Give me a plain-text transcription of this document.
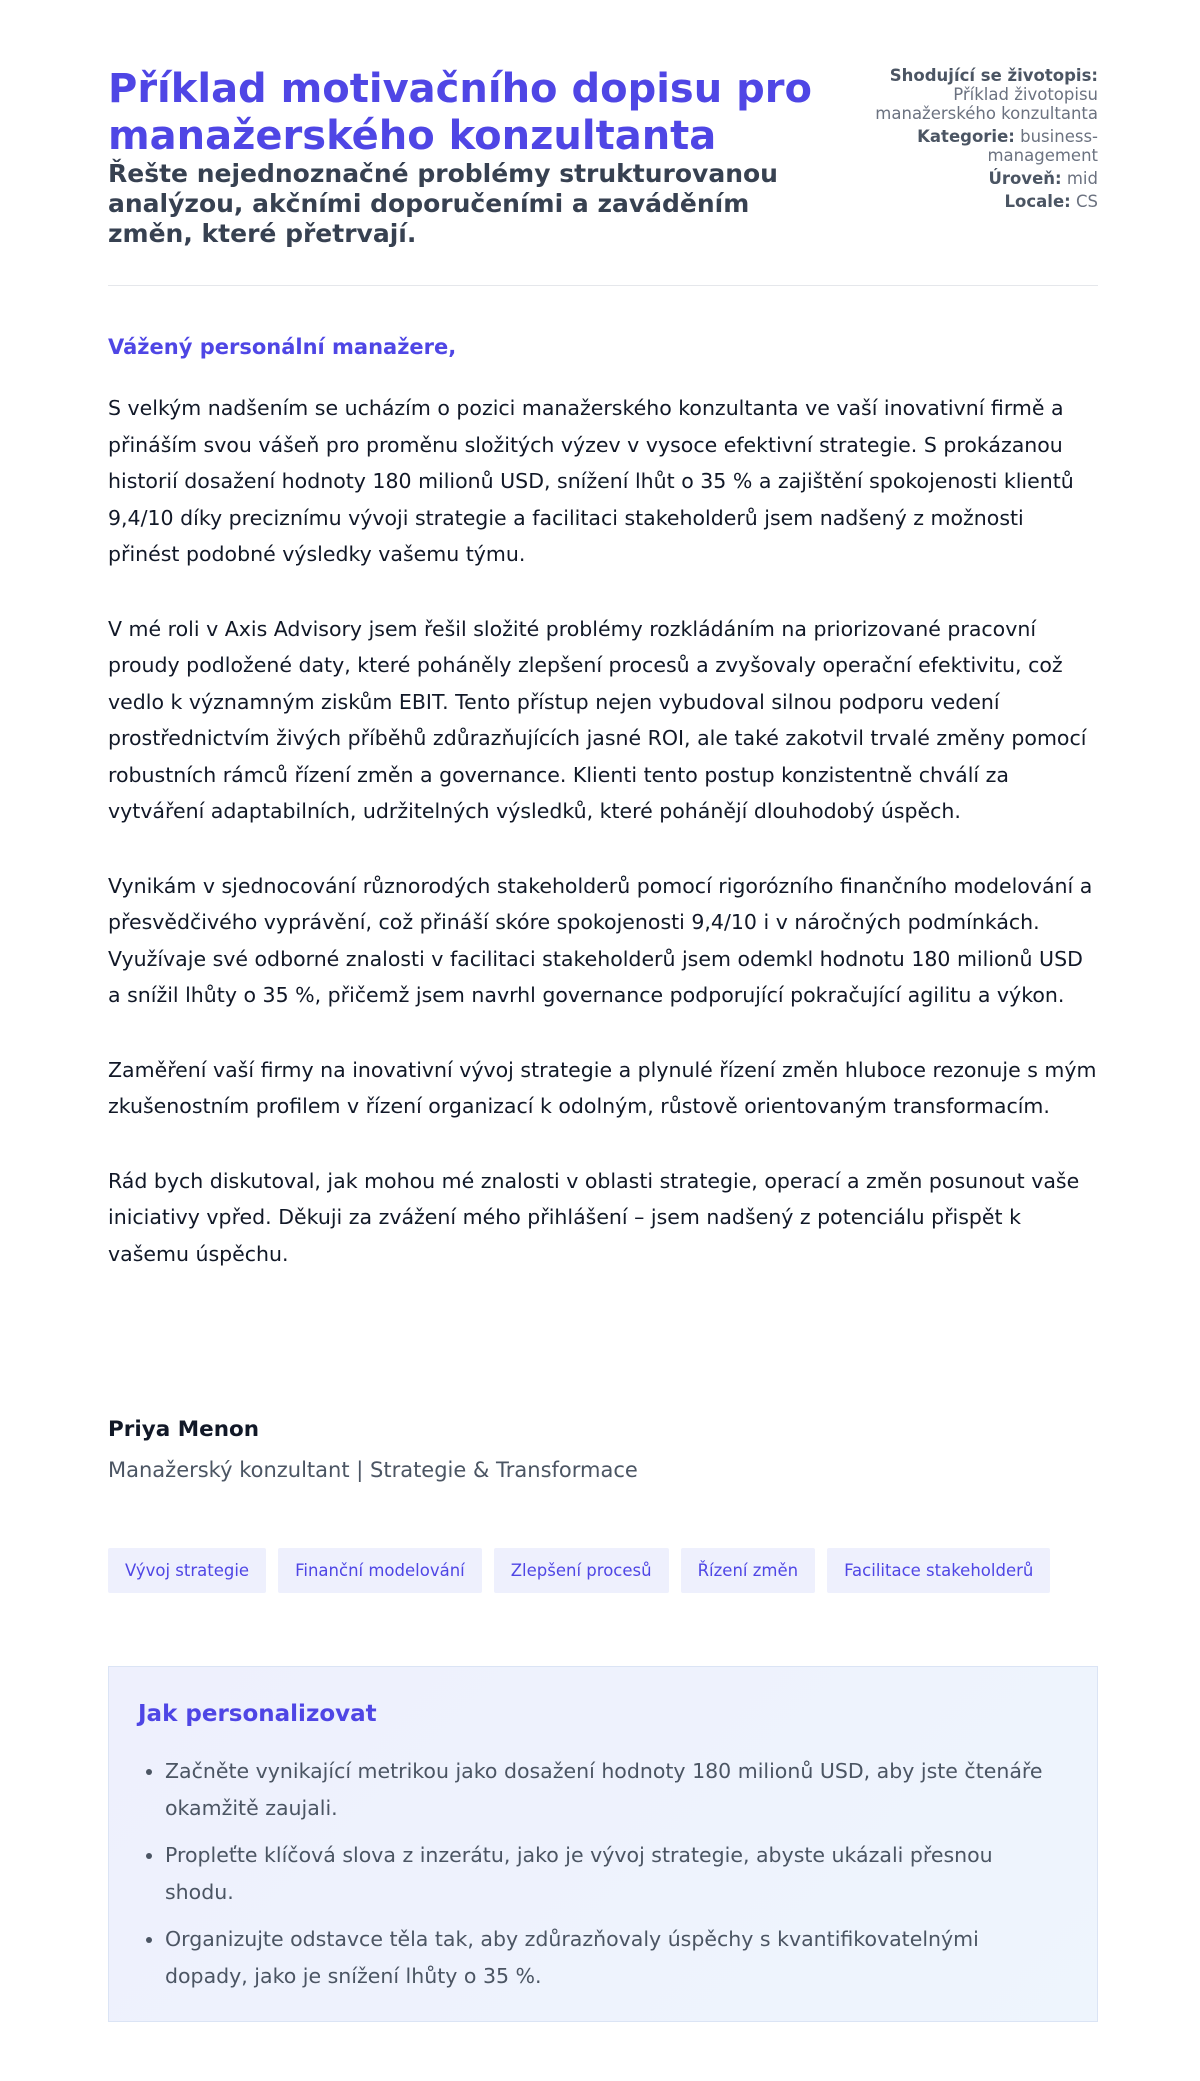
Příklad motivačního dopisu pro manažerského konzultanta
Řešte nejednoznačné problémy strukturovanou analýzou, akčními doporučeními a zaváděním změn, které přetrvají.
Shodující se životopis:
Příklad životopisu manažerského konzultanta
Kategorie: business-management
Úroveň: mid
Locale: CS
Vážený personální manažere,

S velkým nadšením se ucházím o pozici manažerského konzultanta ve vaší inovativní firmě a přináším svou vášeň pro proměnu složitých výzev v vysoce efektivní strategie. S prokázanou historií dosažení hodnoty 180 milionů USD, snížení lhůt o 35 % a zajištění spokojenosti klientů 9,4/10 díky preciznímu vývoji strategie a facilitaci stakeholderů jsem nadšený z možnosti přinést podobné výsledky vašemu týmu.

V mé roli v Axis Advisory jsem řešil složité problémy rozkládáním na priorizované pracovní proudy podložené daty, které poháněly zlepšení procesů a zvyšovaly operační efektivitu, což vedlo k významným ziskům EBIT. Tento přístup nejen vybudoval silnou podporu vedení prostřednictvím živých příběhů zdůrazňujících jasné ROI, ale také zakotvil trvalé změny pomocí robustních rámců řízení změn a governance. Klienti tento postup konzistentně chválí za vytváření adaptabilních, udržitelných výsledků, které pohánějí dlouhodobý úspěch.

Vynikám v sjednocování různorodých stakeholderů pomocí rigorózního finančního modelování a přesvědčivého vyprávění, což přináší skóre spokojenosti 9,4/10 i v náročných podmínkách. Využívaje své odborné znalosti v facilitaci stakeholderů jsem odemkl hodnotu 180 milionů USD a snížil lhůty o 35 %, přičemž jsem navrhl governance podporující pokračující agilitu a výkon.

Zaměření vaší firmy na inovativní vývoj strategie a plynulé řízení změn hluboce rezonuje s mým zkušenostním profilem v řízení organizací k odolným, růstově orientovaným transformacím.

Rád bych diskutoval, jak mohou mé znalosti v oblasti strategie, operací a změn posunout vaše iniciativy vpřed. Děkuji za zvážení mého přihlášení – jsem nadšený z potenciálu přispět k vašemu úspěchu.

Priya Menon
Manažerský konzultant | Strategie & Transformace
Vývoj strategie	Finanční modelování	Zlepšení procesů	Řízení změn	Facilitace stakeholderů
Jak personalizovat
• Začněte vynikající metrikou jako dosažení hodnoty 180 milionů USD, aby jste čtenáře okamžitě zaujali.
• Propleťte klíčová slova z inzerátu, jako je vývoj strategie, abyste ukázali přesnou shodu.
• Organizujte odstavce těla tak, aby zdůrazňovaly úspěchy s kvantifikovatelnými dopady, jako je snížení lhůty o 35 %.
